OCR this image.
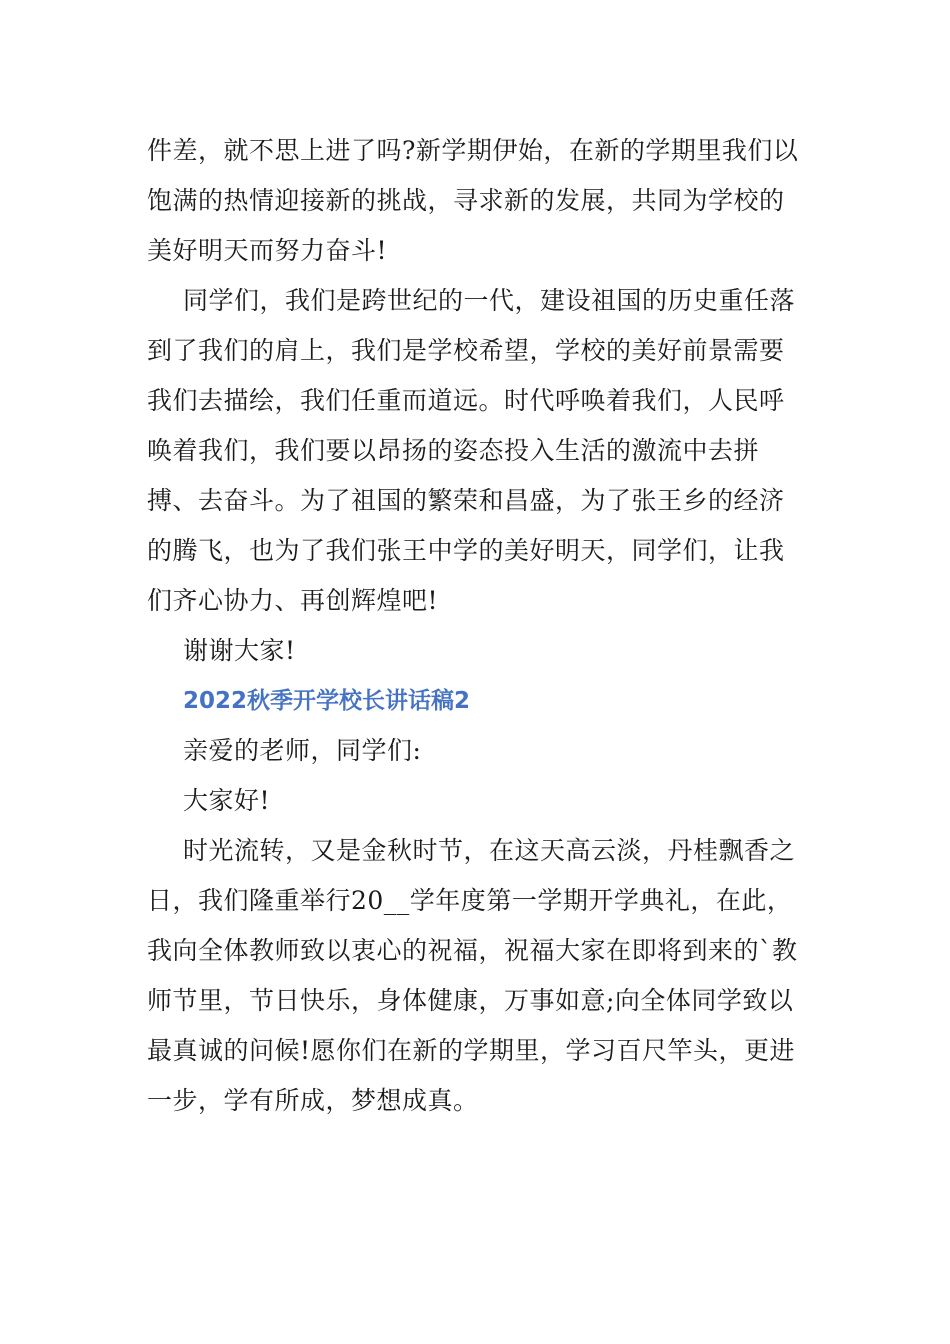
件差，就不思上进了吗?新学期伊始，在新的学期里我们以饱满的热情迎接新的挑战，寻求新的发展，共同为学校的美好明天而努力奋斗!

同学们，我们是跨世纪的一代，建设祖国的历史重任落到了我们的肩上，我们是学校希望，学校的美好前景需要我们去描绘，我们任重而道远。时代呼唤着我们，人民呼唤着我们，我们要以昂扬的姿态投入生活的激流中去拼搏、去奋斗。为了祖国的繁荣和昌盛，为了张王乡的经济的腾飞，也为了我们张王中学的美好明天，同学们，让我们齐心协力、再创辉煌吧!

谢谢大家!

2022秋季开学校长讲话稿2

亲爱的老师，同学们:

大家好!

时光流转，又是金秋时节，在这天高云淡，丹桂飘香之日，我们隆重举行20__学年度第一学期开学典礼，在此，我向全体教师致以衷心的祝福，祝福大家在即将到来的`教师节里，节日快乐，身体健康，万事如意;向全体同学致以最真诚的问候!愿你们在新的学期里，学习百尺竿头，更进一步，学有所成，梦想成真。
